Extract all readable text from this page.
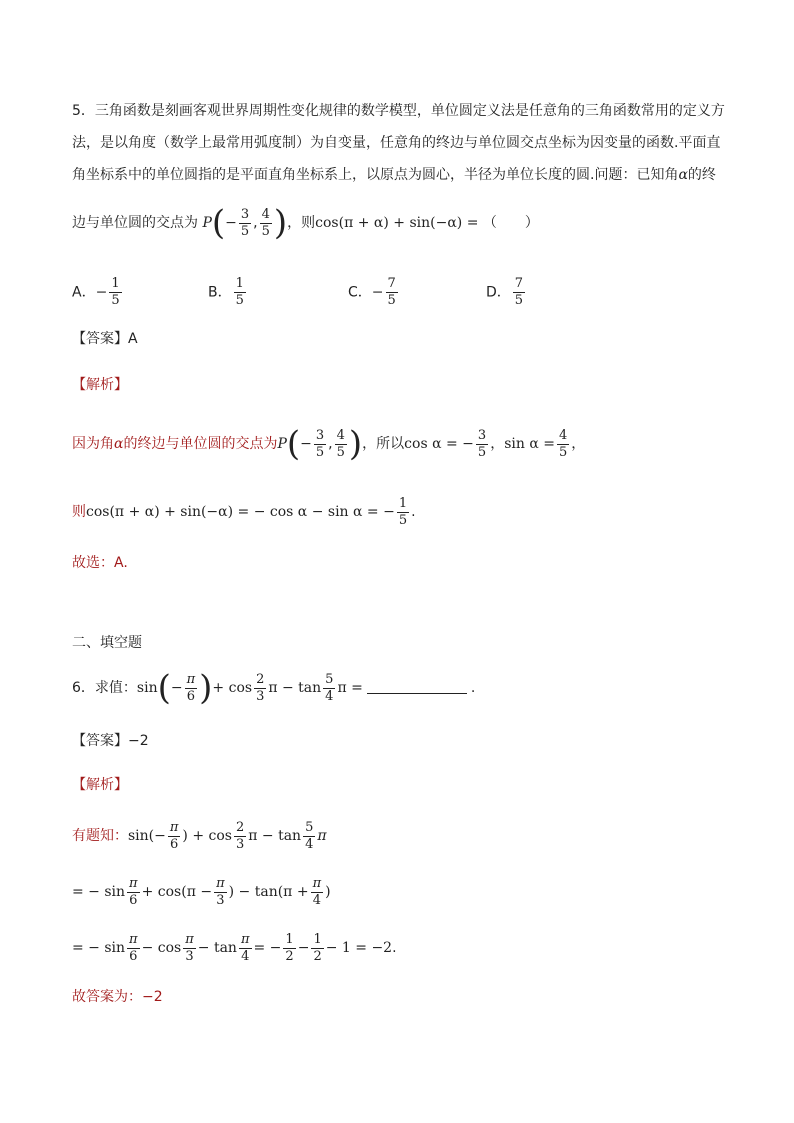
5．三角函数是刻画客观世界周期性变化规律的数学模型，单位圆定义法是任意角的三角函数常用的定义方
法，是以角度（数学上最常用弧度制）为自变量，任意角的终边与单位圆交点坐标为因变量的函数.平面直
角坐标系中的单位圆指的是平面直角坐标系上，以原点为圆心，半径为单位长度的圆.问题：已知角α的终
边与单位圆的交点为 $P(- \frac{3}{5}$ , $\frac{4}{5}$ )，则cos(π + α) + sin(−α) = （　　）
A．− $\frac{1}{5}$	B． $\frac{1}{5}$	C．− $\frac{7}{5}$	D． $\frac{7}{5}$
【答案】A
【解析】
因为角α的终边与单位圆的交点为$P(- \frac{3}{5}$ , $\frac{4}{5}$ )，所以cos α = − $\frac{3}{5}$ ，$\sin \alpha = \frac{4}{5}$ ，
则cos(π + α) + sin(−α) = − cos α − sin α = − $\frac{1}{5}$ .
故选：A.
二、填空题
6．求值：$\sin(- \frac{\pi}{6}$ )+ $\cos \frac{2}{3}$ $\pi - \tan \frac{5}{4}$ π =	.
【答案】−2
【解析】
有题知：$\sin(- \frac{\pi}{6}$ ) + $\cos \frac{2}{3}$ $\pi - \tan \frac{5}{4}$ π
= − $\sin \frac{\pi}{6} + \cos(\pi - \frac{\pi}{3}$ ) − $\tan(\pi + \frac{\pi}{4}$ )
= − $\sin \frac{\pi}{6} - \cos \frac{\pi}{3} - \tan \frac{\pi}{4}$ = − $\frac{1}{2} - \frac{1}{2} - 1 = -2$.
故答案为：−2
